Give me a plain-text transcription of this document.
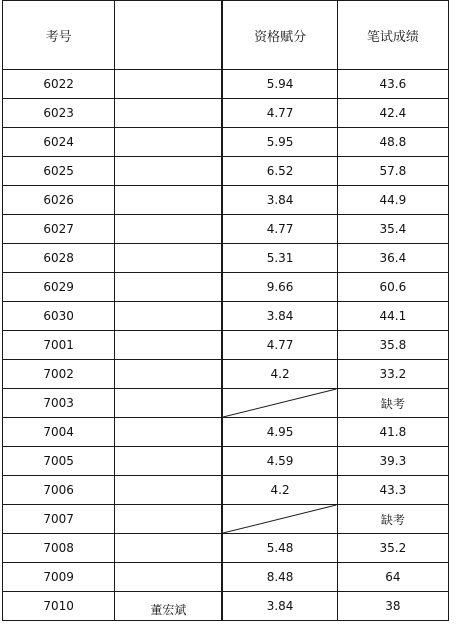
考号			资格赋分	笔试成绩
6022			5.94	43.6
6023			4.77	42.4
6024			5.95	48.8
6025			6.52	57.8
6026			3.84	44.9
6027			4.77	35.4
6028			5.31	36.4
6029			9.66	60.6
6030			3.84	44.1
7001			4.77	35.8
7002			4.2	33.2
7003				缺考
7004			4.95	41.8
7005			4.59	39.3
7006			4.2	43.3
7007				缺考
7008			5.48	35.2
7009			8.48	64
7010	董宏斌		3.84	38
